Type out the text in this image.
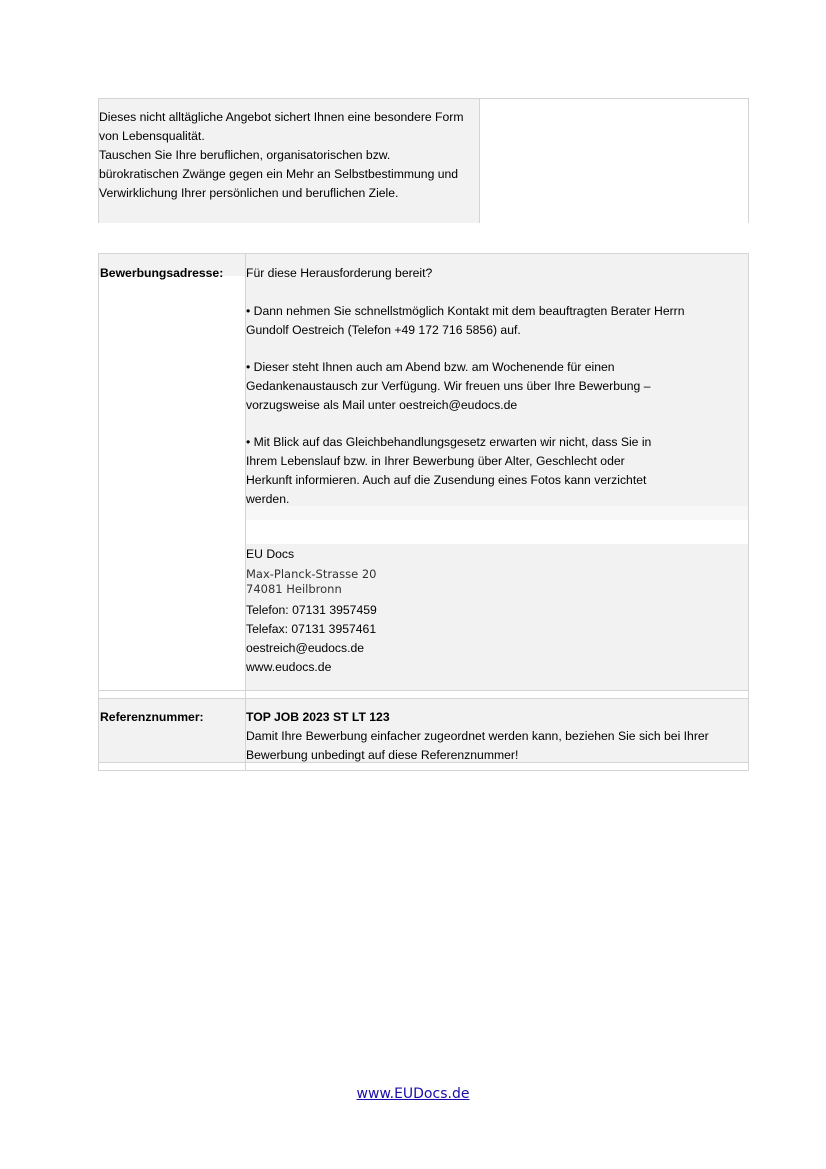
Dieses nicht alltägliche Angebot sichert Ihnen eine besondere Form
von Lebensqualität.
Tauschen Sie Ihre beruflichen, organisatorischen bzw.
bürokratischen Zwänge gegen ein Mehr an Selbstbestimmung und
Verwirklichung Ihrer persönlichen und beruflichen Ziele.
Bewerbungsadresse: Für diese Herausforderung bereit?
• Dann nehmen Sie schnellstmöglich Kontakt mit dem beauftragten Berater Herrn
Gundolf Oestreich (Telefon +49 172 716 5856) auf.
• Dieser steht Ihnen auch am Abend bzw. am Wochenende für einen
Gedankenaustausch zur Verfügung. Wir freuen uns über Ihre Bewerbung –
vorzugsweise als Mail unter oestreich@eudocs.de
• Mit Blick auf das Gleichbehandlungsgesetz erwarten wir nicht, dass Sie in
Ihrem Lebenslauf bzw. in Ihrer Bewerbung über Alter, Geschlecht oder
Herkunft informieren. Auch auf die Zusendung eines Fotos kann verzichtet
werden.
EU Docs
Max-Planck-Strasse 20
74081 Heilbronn
Telefon: 07131 3957459
Telefax: 07131 3957461
oestreich@eudocs.de
www.eudocs.de
Referenznummer:	TOP JOB 2023 ST LT 123
Damit Ihre Bewerbung einfacher zugeordnet werden kann, beziehen Sie sich bei Ihrer
Bewerbung unbedingt auf diese Referenznummer!
www.EUDocs.de
